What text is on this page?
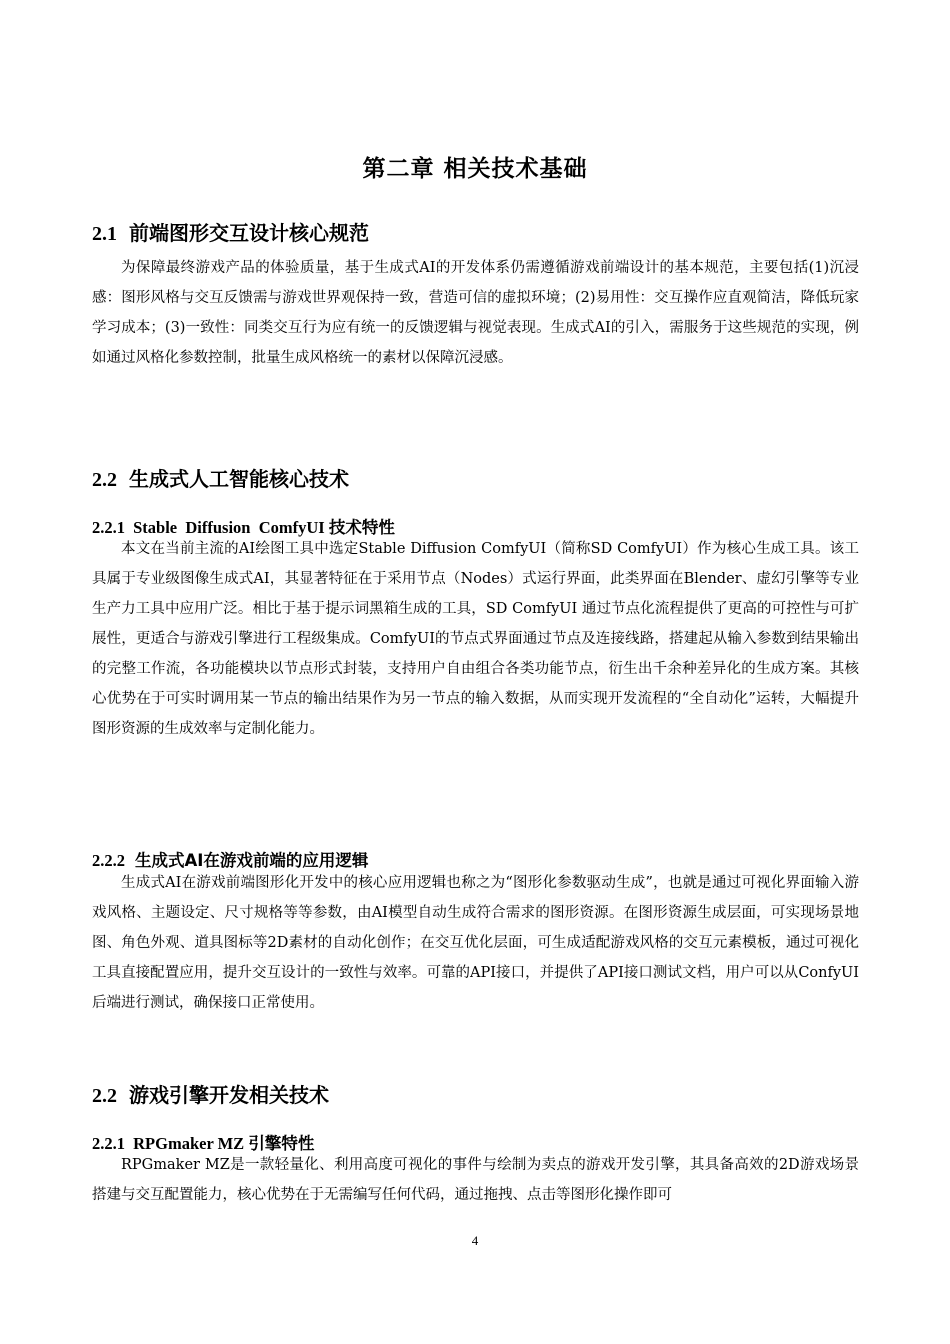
第二章 相关技术基础
2.1 前端图形交互设计核心规范

为保障最终游戏产品的体验质量，基于生成式AI的开发体系仍需遵循游戏前端设计的基本规范，主要包括(1)沉浸感：图形风格与交互反馈需与游戏世界观保持一致，营造可信的虚拟环境；(2)易用性：交互操作应直观简洁，降低玩家学习成本；(3)一致性：同类交互行为应有统一的反馈逻辑与视觉表现。生成式AI的引入，需服务于这些规范的实现，例如通过风格化参数控制，批量生成风格统一的素材以保障沉浸感。

2.2 生成式人工智能核心技术
2.2.1 Stable  Diffusion  ComfyUI 技术特性

本文在当前主流的AI绘图工具中选定Stable Diffusion ComfyUI（简称SD ComfyUI）作为核心生成工具。该工具属于专业级图像生成式AI，其显著特征在于采用节点（Nodes）式运行界面，此类界面在Blender、虚幻引擎等专业生产力工具中应用广泛。相比于基于提示词黑箱生成的工具，SD ComfyUI 通过节点化流程提供了更高的可控性与可扩展性，更适合与游戏引擎进行工程级集成。ComfyUI的节点式界面通过节点及连接线路，搭建起从输入参数到结果输出的完整工作流，各功能模块以节点形式封装，支持用户自由组合各类功能节点，衍生出千余种差异化的生成方案。其核心优势在于可实时调用某一节点的输出结果作为另一节点的输入数据，从而实现开发流程的“全自动化”运转，大幅提升图形资源的生成效率与定制化能力。

2.2.2 生成式AI在游戏前端的应用逻辑

生成式AI在游戏前端图形化开发中的核心应用逻辑也称之为“图形化参数驱动生成”，也就是通过可视化界面输入游戏风格、主题设定、尺寸规格等等参数，由AI模型自动生成符合需求的图形资源。在图形资源生成层面，可实现场景地图、角色外观、道具图标等2D素材的自动化创作；在交互优化层面，可生成适配游戏风格的交互元素模板，通过可视化工具直接配置应用，提升交互设计的一致性与效率。可靠的API接口，并提供了API接口测试文档，用户可以从ConfyUI后端进行测试，确保接口正常使用。

2.2 游戏引擎开发相关技术
2.2.1 RPGmaker MZ 引擎特性

RPGmaker MZ是一款轻量化、利用高度可视化的事件与绘制为卖点的游戏开发引擎，其具备高效的2D游戏场景搭建与交互配置能力，核心优势在于无需编写任何代码，通过拖拽、点击等图形化操作即可

4
